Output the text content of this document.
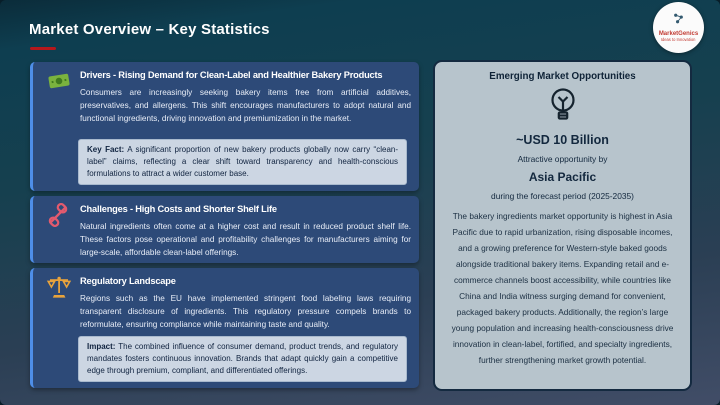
Market Overview – Key Statistics	MarketGenics
Ideas to Innovation
Drivers - Rising Demand for Clean-Label and Healthier Bakery Products

Consumers are increasingly seeking bakery items free from artificial additives, preservatives, and allergens. This shift encourages manufacturers to adopt natural and functional ingredients, driving innovation and premiumization in the market.

Key Fact: A significant proportion of new bakery products globally now carry “clean-label” claims, reflecting a clear shift toward transparency and health-conscious formulations to attract a wider customer base.
Challenges - High Costs and Shorter Shelf Life

Natural ingredients often come at a higher cost and result in reduced product shelf life. These factors pose operational and profitability challenges for manufacturers aiming for large-scale, affordable clean-label offerings.

Regulatory Landscape

Regions such as the EU have implemented stringent food labeling laws requiring transparent disclosure of ingredients. This regulatory pressure compels brands to reformulate, ensuring compliance while maintaining taste and quality.

Impact: The combined influence of consumer demand, product trends, and regulatory mandates fosters continuous innovation. Brands that adapt quickly gain a competitive edge through premium, compliant, and differentiated offerings.
Emerging Market Opportunities
~USD 10 Billion
Attractive opportunity by
Asia Pacific
during the forecast period (2025-2035)

The bakery ingredients market opportunity is highest in Asia Pacific due to rapid urbanization, rising disposable incomes, and a growing preference for Western-style baked goods alongside traditional bakery items. Expanding retail and e-commerce channels boost accessibility, while countries like China and India witness surging demand for convenient, packaged bakery products. Additionally, the region’s large young population and increasing health-consciousness drive innovation in clean-label, fortified, and specialty ingredients, further strengthening market growth potential.
